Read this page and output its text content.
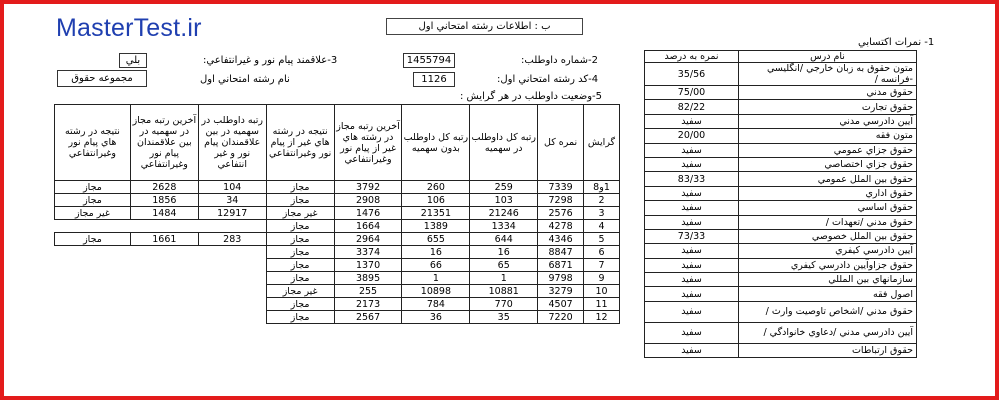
MasterTest.ir	ب : اطلاعات رشته امتحاني اول
1- نمرات اكتسابي
2-شماره داوطلب:
1455794
3-علاقمند پيام نور و غيرانتفاعي:
بلي
4-كد رشته امتحاني اول:
1126
نام رشته امتحاني اول
مجموعه حقوق
5-وضعيت داوطلب در هر گرايش :
نام درس	نمره به درصد
متون حقوق به زبان خارجي /انگليسي -فرانسه /	35/56
حقوق مدني	75/00
حقوق تجارت	82/22
آيين دادرسي مدني	سفيد
متون فقه	20/00
حقوق جزاي عمومي	سفيد
حقوق جزاي اختصاصي	سفيد
حقوق بين الملل عمومي	83/33
حقوق اداري	سفيد
حقوق اساسي	سفيد
حقوق مدني /تعهدات /	سفيد
حقوق بين الملل خصوصي	73/33
آيين دادرسي كيفري	سفيد
حقوق جزاوآيين دادرسي كيفري	سفيد
سازمانهاي بين المللي	سفيد
اصول فقه	سفيد
حقوق مدني /اشخاص تاوصيت وارث /	سفيد
آيين دادرسي مدني /دعاوي خانوادگي /	سفيد
حقوق ارتباطات	سفيد
گرايش	نمره كل	رتبه كل داوطلب در سهميه	رتبه كل داوطلب بدون سهميه	آخرين رتبه مجاز در رشته هاي غير از پيام نور وغيرانتفاعي	نتيجه در رشته هاي غير از پيام نور وغيرانتفاعي	رتبه داوطلب در سهميه در بين علاقمندان پيام نور و غير انتفاعي	آخرين رتبه مجاز در سهميه در بين علاقمندان پيام نور وغيرانتفاعي	نتيجه در رشته هاي پيام نور وغيرانتفاعي
1و8	7339	259	260	3792	مجاز	104	2628	مجاز
2	7298	103	106	2908	مجاز	34	1856	مجاز
3	2576	21246	21351	1476	غير مجاز	12917	1484	غير مجاز
4	4278	1334	1389	1664	مجاز			
5	4346	644	655	2964	مجاز	283	1661	مجاز
6	8847	16	16	3374	مجاز			
7	6871	65	66	1370	مجاز			
9	9798	1	1	3895	مجاز			
10	3279	10881	10898	255	غير مجاز			
11	4507	770	784	2173	مجاز			
12	7220	35	36	2567	مجاز			
